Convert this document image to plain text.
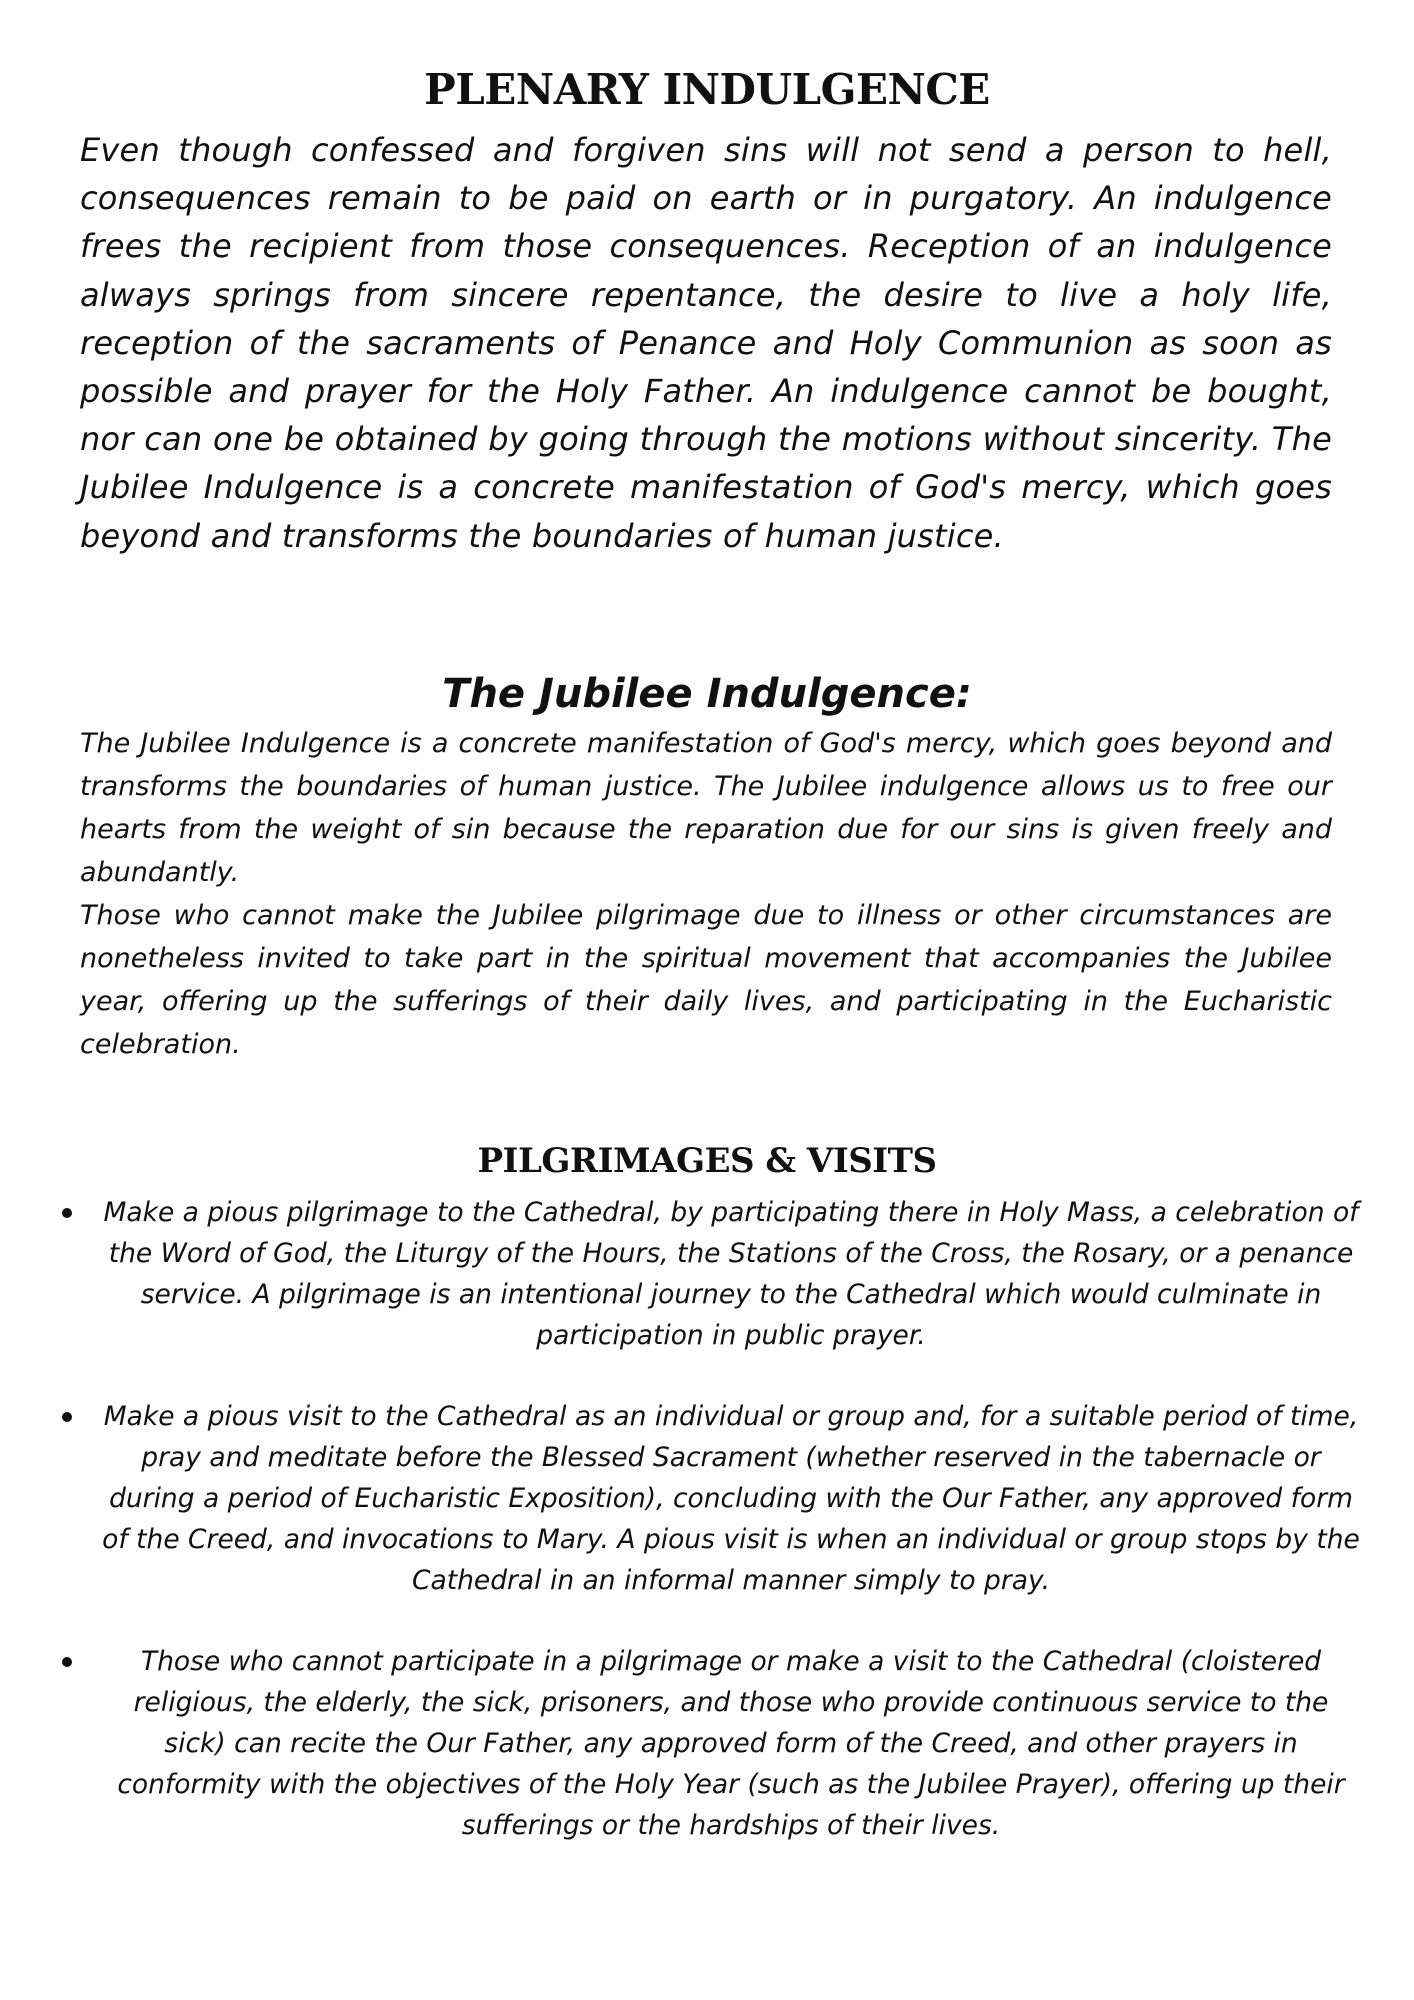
PLENARY INDULGENCE

Even though confessed and forgiven sins will not send a person to hell, consequences remain to be paid on earth or in purgatory. An indulgence frees the recipient from those consequences. Reception of an indulgence always springs from sincere repentance, the desire to live a holy life, reception of the sacraments of Penance and Holy Communion as soon as possible and prayer for the Holy Father. An indulgence cannot be bought, nor can one be obtained by going through the motions without sincerity. The Jubilee Indulgence is a concrete manifestation of God's mercy, which goes beyond and transforms the boundaries of human justice.

The Jubilee Indulgence:

The Jubilee Indulgence is a concrete manifestation of God's mercy, which goes beyond and transforms the boundaries of human justice. The Jubilee indulgence allows us to free our hearts from the weight of sin because the reparation due for our sins is given freely and abundantly.

Those who cannot make the Jubilee pilgrimage due to illness or other circumstances are nonetheless invited to take part in the spiritual movement that accompanies the Jubilee year, offering up the sufferings of their daily lives, and participating in the Eucharistic celebration.

PILGRIMAGES & VISITS
Make a pious pilgrimage to the Cathedral, by participating there in Holy Mass, a celebration of the Word of God, the Liturgy of the Hours, the Stations of the Cross, the Rosary, or a penance service. A pilgrimage is an intentional journey to the Cathedral which would culminate in participation in public prayer.
Make a pious visit to the Cathedral as an individual or group and, for a suitable period of time, pray and meditate before the Blessed Sacrament (whether reserved in the tabernacle or during a period of Eucharistic Exposition), concluding with the Our Father, any approved form of the Creed, and invocations to Mary. A pious visit is when an individual or group stops by the Cathedral in an informal manner simply to pray.
Those who cannot participate in a pilgrimage or make a visit to the Cathedral (cloistered religious, the elderly, the sick, prisoners, and those who provide continuous service to the sick) can recite the Our Father, any approved form of the Creed, and other prayers in conformity with the objectives of the Holy Year (such as the Jubilee Prayer), offering up their sufferings or the hardships of their lives.
